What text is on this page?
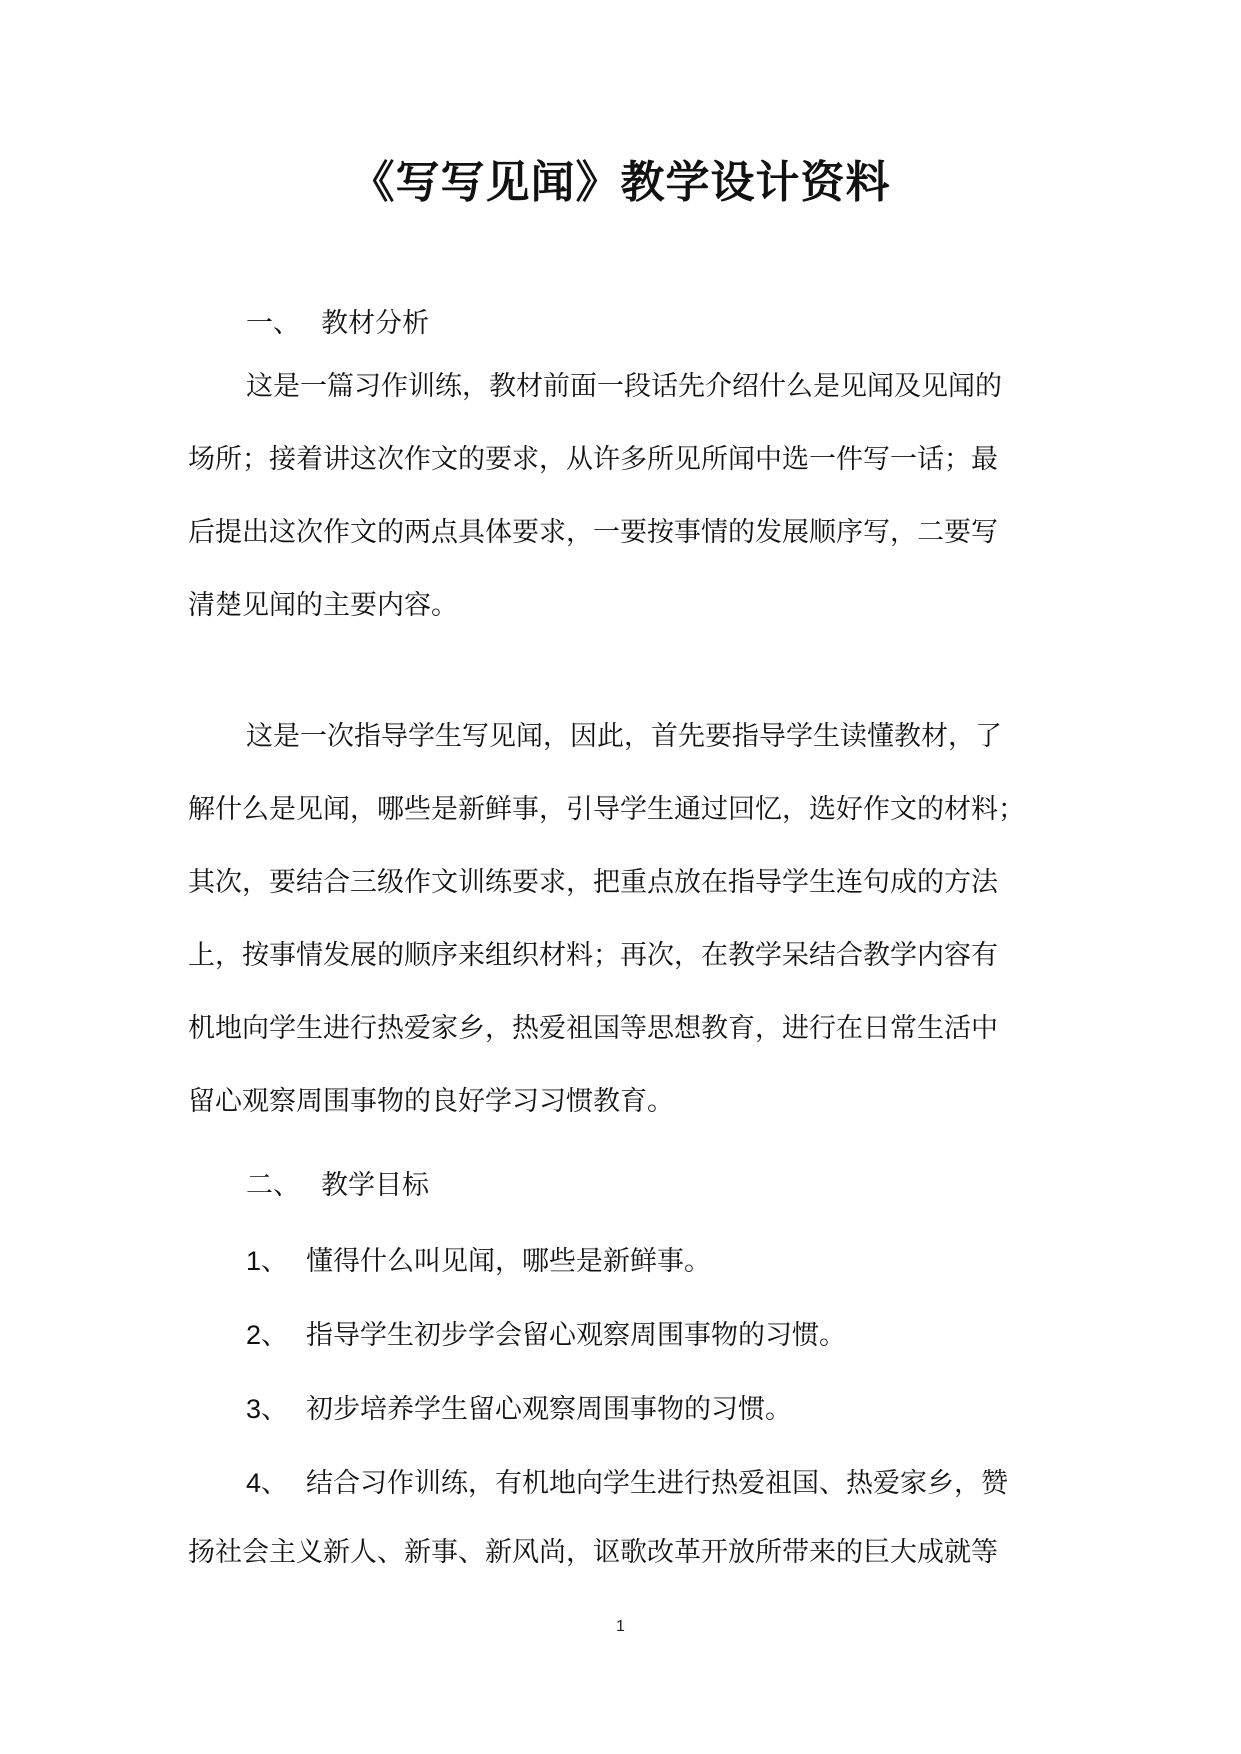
《写写见闻》教学设计资料
一、 教材分析
这是一篇习作训练，教材前面一段话先介绍什么是见闻及见闻的
场所；接着讲这次作文的要求，从许多所见所闻中选一件写一话；最
后提出这次作文的两点具体要求，一要按事情的发展顺序写，二要写
清楚见闻的主要内容。
这是一次指导学生写见闻，因此，首先要指导学生读懂教材，了
解什么是见闻，哪些是新鲜事，引导学生通过回忆，选好作文的材料；
其次，要结合三级作文训练要求，把重点放在指导学生连句成的方法
上，按事情发展的顺序来组织材料；再次，在教学呆结合教学内容有
机地向学生进行热爱家乡，热爱祖国等思想教育，进行在日常生活中
留心观察周围事物的良好学习习惯教育。
二、 教学目标
1、 懂得什么叫见闻，哪些是新鲜事。
2、 指导学生初步学会留心观察周围事物的习惯。
3、 初步培养学生留心观察周围事物的习惯。
4、 结合习作训练，有机地向学生进行热爱祖国、热爱家乡，赞
扬社会主义新人、新事、新风尚，讴歌改革开放所带来的巨大成就等
1
